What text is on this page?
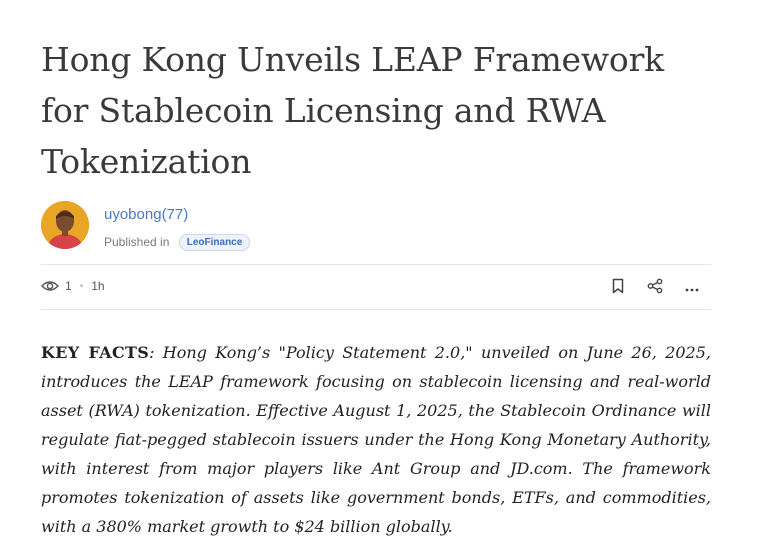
Hong Kong Unveils LEAP Framework for Stablecoin Licensing and RWA Tokenization
uyobong(77)
Published in LeoFinance
1 • 1h

KEY FACTS: Hong Kong’s "Policy Statement 2.0," unveiled on June 26, 2025, introduces the LEAP framework focusing on stablecoin licensing and real-world asset (RWA) tokenization. Effective August 1, 2025, the Stablecoin Ordinance will regulate fiat-pegged stablecoin issuers under the Hong Kong Monetary Authority, with interest from major players like Ant Group and JD.com. The framework promotes tokenization of assets like government bonds, ETFs, and commodities, with a 380% market growth to $24 billion globally.
